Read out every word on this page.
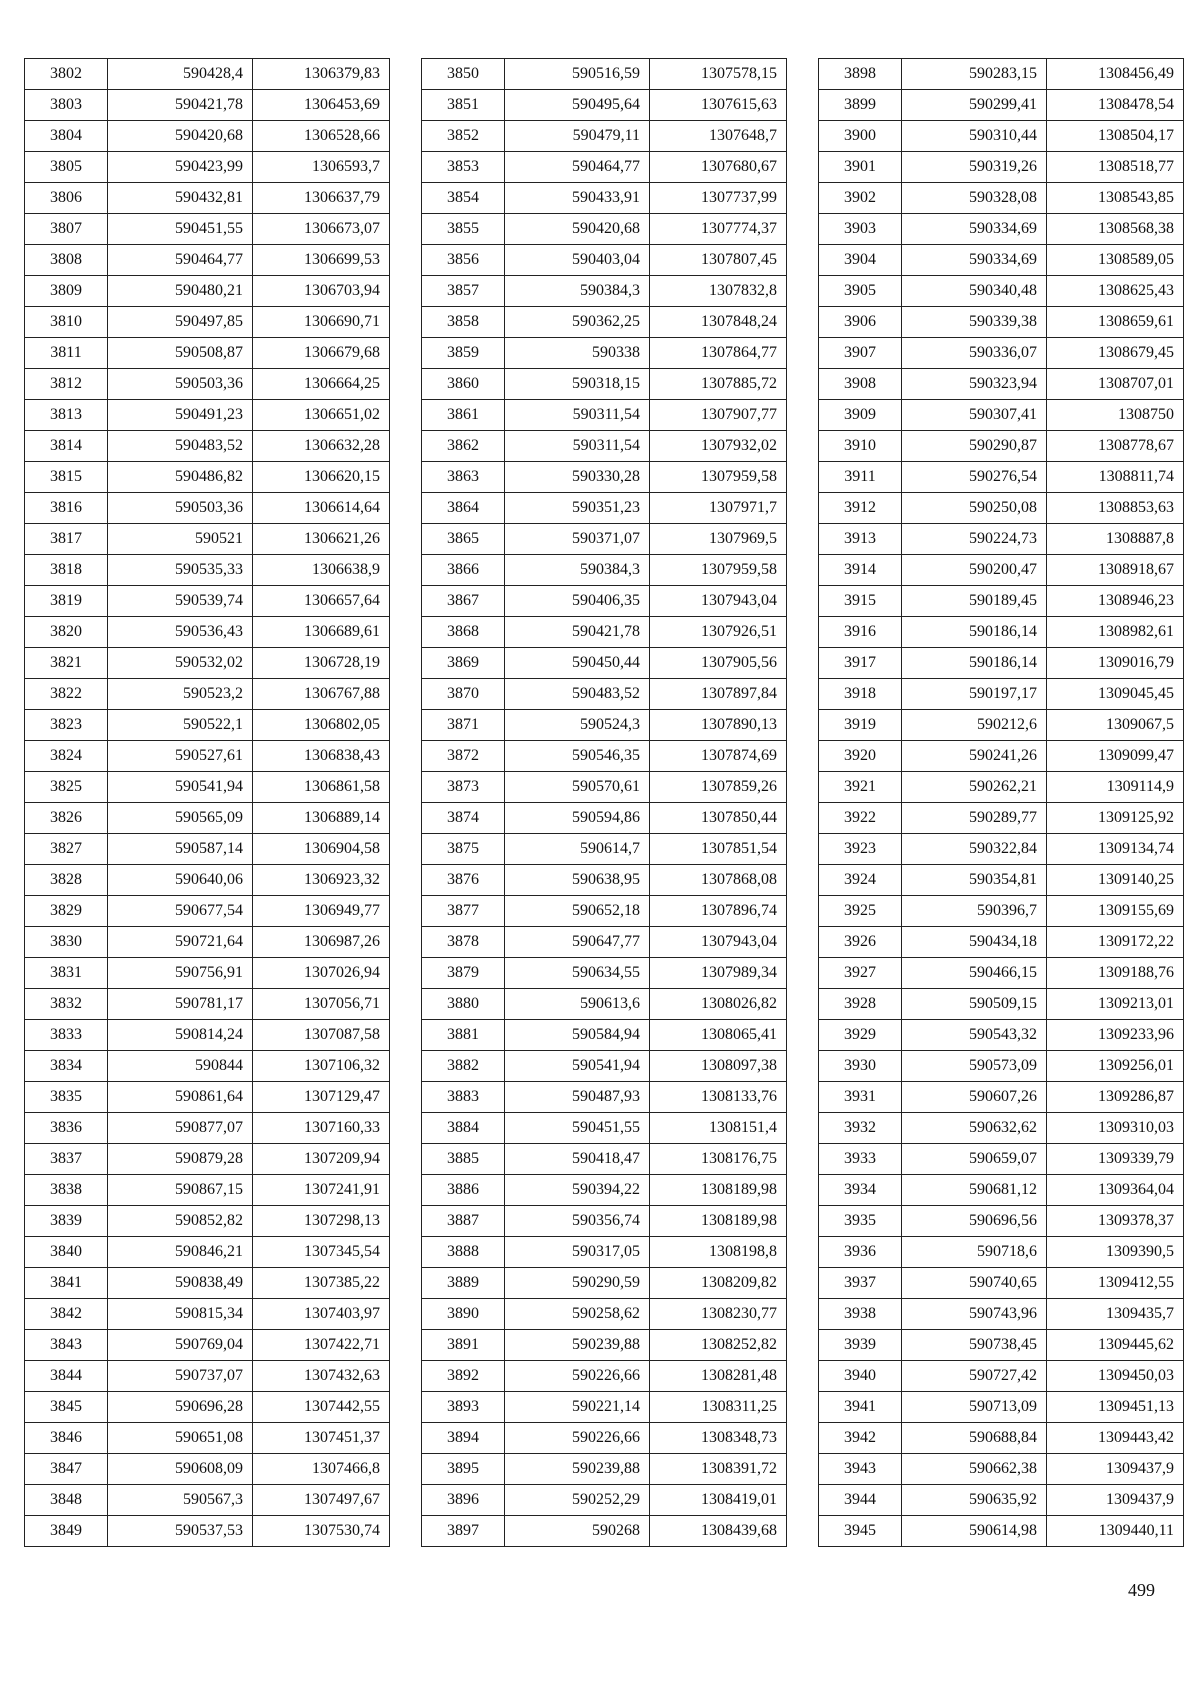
3802	590428,4	1306379,83
3803	590421,78	1306453,69
3804	590420,68	1306528,66
3805	590423,99	1306593,7
3806	590432,81	1306637,79
3807	590451,55	1306673,07
3808	590464,77	1306699,53
3809	590480,21	1306703,94
3810	590497,85	1306690,71
3811	590508,87	1306679,68
3812	590503,36	1306664,25
3813	590491,23	1306651,02
3814	590483,52	1306632,28
3815	590486,82	1306620,15
3816	590503,36	1306614,64
3817	590521	1306621,26
3818	590535,33	1306638,9
3819	590539,74	1306657,64
3820	590536,43	1306689,61
3821	590532,02	1306728,19
3822	590523,2	1306767,88
3823	590522,1	1306802,05
3824	590527,61	1306838,43
3825	590541,94	1306861,58
3826	590565,09	1306889,14
3827	590587,14	1306904,58
3828	590640,06	1306923,32
3829	590677,54	1306949,77
3830	590721,64	1306987,26
3831	590756,91	1307026,94
3832	590781,17	1307056,71
3833	590814,24	1307087,58
3834	590844	1307106,32
3835	590861,64	1307129,47
3836	590877,07	1307160,33
3837	590879,28	1307209,94
3838	590867,15	1307241,91
3839	590852,82	1307298,13
3840	590846,21	1307345,54
3841	590838,49	1307385,22
3842	590815,34	1307403,97
3843	590769,04	1307422,71
3844	590737,07	1307432,63
3845	590696,28	1307442,55
3846	590651,08	1307451,37
3847	590608,09	1307466,8
3848	590567,3	1307497,67
3849	590537,53	1307530,74
3850	590516,59	1307578,15
3851	590495,64	1307615,63
3852	590479,11	1307648,7
3853	590464,77	1307680,67
3854	590433,91	1307737,99
3855	590420,68	1307774,37
3856	590403,04	1307807,45
3857	590384,3	1307832,8
3858	590362,25	1307848,24
3859	590338	1307864,77
3860	590318,15	1307885,72
3861	590311,54	1307907,77
3862	590311,54	1307932,02
3863	590330,28	1307959,58
3864	590351,23	1307971,7
3865	590371,07	1307969,5
3866	590384,3	1307959,58
3867	590406,35	1307943,04
3868	590421,78	1307926,51
3869	590450,44	1307905,56
3870	590483,52	1307897,84
3871	590524,3	1307890,13
3872	590546,35	1307874,69
3873	590570,61	1307859,26
3874	590594,86	1307850,44
3875	590614,7	1307851,54
3876	590638,95	1307868,08
3877	590652,18	1307896,74
3878	590647,77	1307943,04
3879	590634,55	1307989,34
3880	590613,6	1308026,82
3881	590584,94	1308065,41
3882	590541,94	1308097,38
3883	590487,93	1308133,76
3884	590451,55	1308151,4
3885	590418,47	1308176,75
3886	590394,22	1308189,98
3887	590356,74	1308189,98
3888	590317,05	1308198,8
3889	590290,59	1308209,82
3890	590258,62	1308230,77
3891	590239,88	1308252,82
3892	590226,66	1308281,48
3893	590221,14	1308311,25
3894	590226,66	1308348,73
3895	590239,88	1308391,72
3896	590252,29	1308419,01
3897	590268	1308439,68
3898	590283,15	1308456,49
3899	590299,41	1308478,54
3900	590310,44	1308504,17
3901	590319,26	1308518,77
3902	590328,08	1308543,85
3903	590334,69	1308568,38
3904	590334,69	1308589,05
3905	590340,48	1308625,43
3906	590339,38	1308659,61
3907	590336,07	1308679,45
3908	590323,94	1308707,01
3909	590307,41	1308750
3910	590290,87	1308778,67
3911	590276,54	1308811,74
3912	590250,08	1308853,63
3913	590224,73	1308887,8
3914	590200,47	1308918,67
3915	590189,45	1308946,23
3916	590186,14	1308982,61
3917	590186,14	1309016,79
3918	590197,17	1309045,45
3919	590212,6	1309067,5
3920	590241,26	1309099,47
3921	590262,21	1309114,9
3922	590289,77	1309125,92
3923	590322,84	1309134,74
3924	590354,81	1309140,25
3925	590396,7	1309155,69
3926	590434,18	1309172,22
3927	590466,15	1309188,76
3928	590509,15	1309213,01
3929	590543,32	1309233,96
3930	590573,09	1309256,01
3931	590607,26	1309286,87
3932	590632,62	1309310,03
3933	590659,07	1309339,79
3934	590681,12	1309364,04
3935	590696,56	1309378,37
3936	590718,6	1309390,5
3937	590740,65	1309412,55
3938	590743,96	1309435,7
3939	590738,45	1309445,62
3940	590727,42	1309450,03
3941	590713,09	1309451,13
3942	590688,84	1309443,42
3943	590662,38	1309437,9
3944	590635,92	1309437,9
3945	590614,98	1309440,11
499
